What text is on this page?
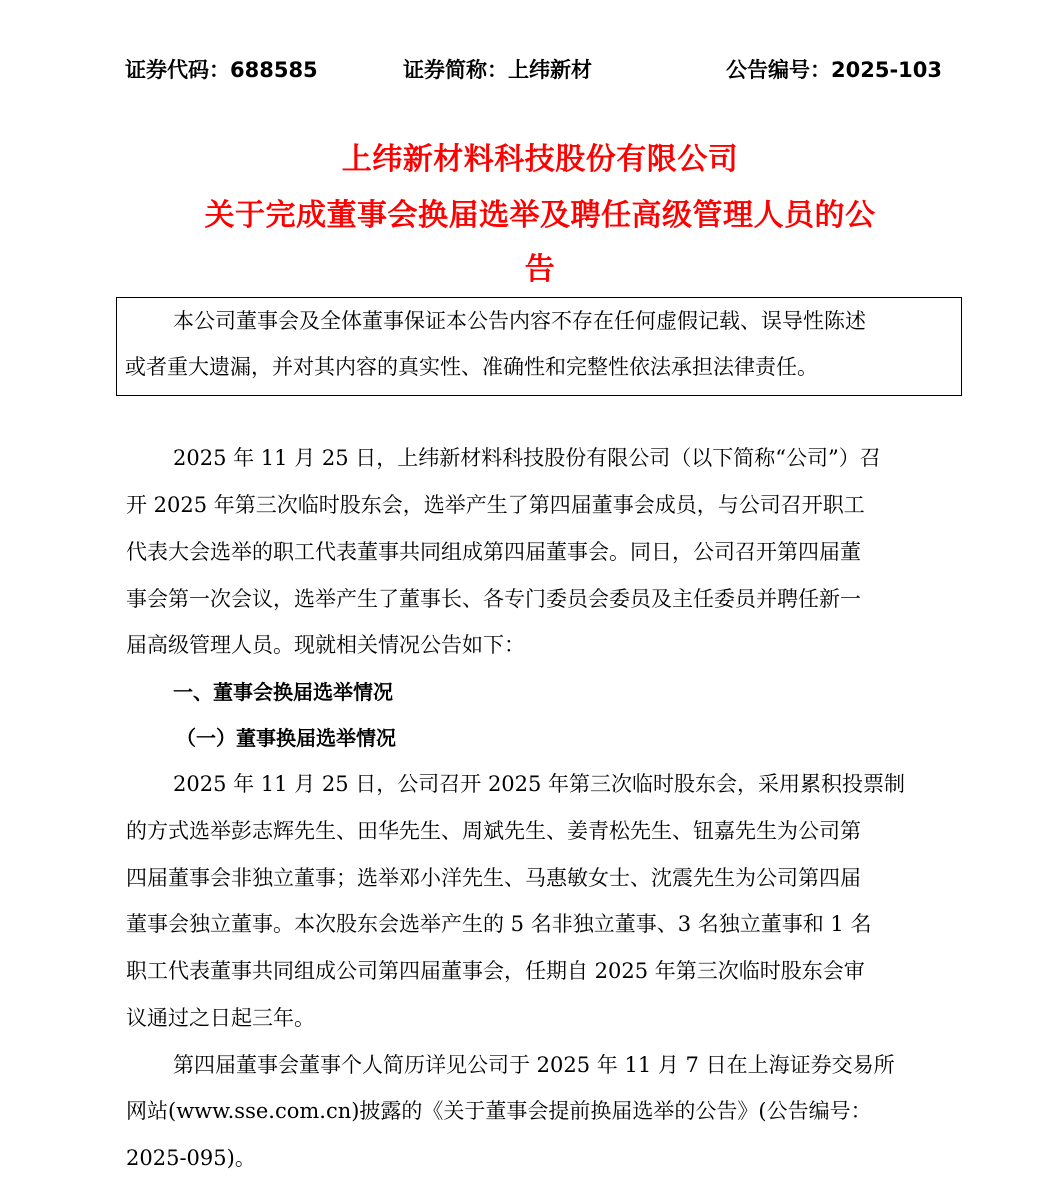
证券代码：688585	证券简称：上纬新材	公告编号：2025-103
上纬新材料科技股份有限公司
关于完成董事会换届选举及聘任高级管理人员的公
告

本公司董事会及全体董事保证本公告内容不存在任何虚假记载、误导性陈述

或者重大遗漏，并对其内容的真实性、准确性和完整性依法承担法律责任。

2025 年 11 月 25 日，上纬新材料科技股份有限公司（以下简称“公司”）召
开 2025 年第三次临时股东会，选举产生了第四届董事会成员，与公司召开职工
代表大会选举的职工代表董事共同组成第四届董事会。同日，公司召开第四届董
事会第一次会议，选举产生了董事长、各专门委员会委员及主任委员并聘任新一
届高级管理人员。现就相关情况公告如下：
一、董事会换届选举情况
（一）董事换届选举情况
2025 年 11 月 25 日，公司召开 2025 年第三次临时股东会，采用累积投票制
的方式选举彭志辉先生、田华先生、周斌先生、姜青松先生、钮嘉先生为公司第
四届董事会非独立董事；选举邓小洋先生、马惠敏女士、沈震先生为公司第四届
董事会独立董事。本次股东会选举产生的 5 名非独立董事、3 名独立董事和 1 名
职工代表董事共同组成公司第四届董事会，任期自 2025 年第三次临时股东会审
议通过之日起三年。
第四届董事会董事个人简历详见公司于 2025 年 11 月 7 日在上海证券交易所
网站(www.sse.com.cn)披露的《关于董事会提前换届选举的公告》(公告编号：
2025-095)。
